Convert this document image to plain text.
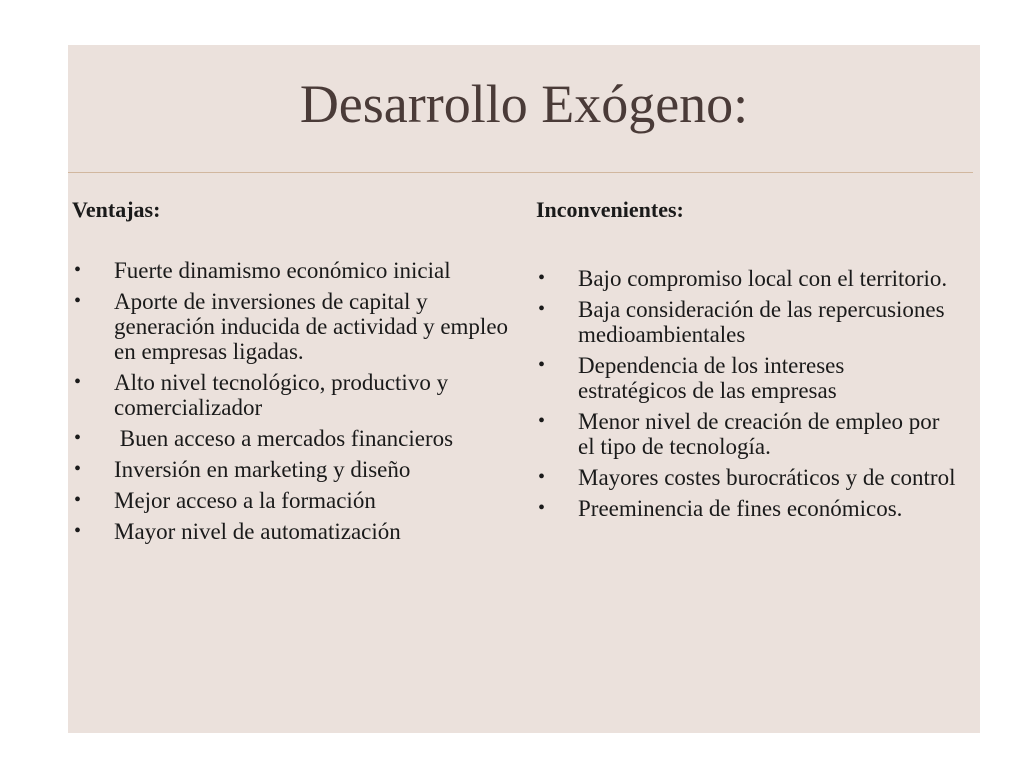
Desarrollo Exógeno:
Ventajas:
• Fuerte dinamismo económico inicial
• Aporte de inversiones de capital y generación inducida de actividad y empleo en empresas ligadas.
• Alto nivel tecnológico, productivo y comercializador
• Buen acceso a mercados financieros
• Inversión en marketing y diseño
• Mejor acceso a la formación
• Mayor nivel de automatización
Inconvenientes:
• Bajo compromiso local con el territorio.
• Baja consideración de las repercusiones medioambientales
• Dependencia de los intereses estratégicos de las empresas
• Menor nivel de creación de empleo por el tipo de tecnología.
• Mayores costes burocráticos y de control
• Preeminencia de fines económicos.
